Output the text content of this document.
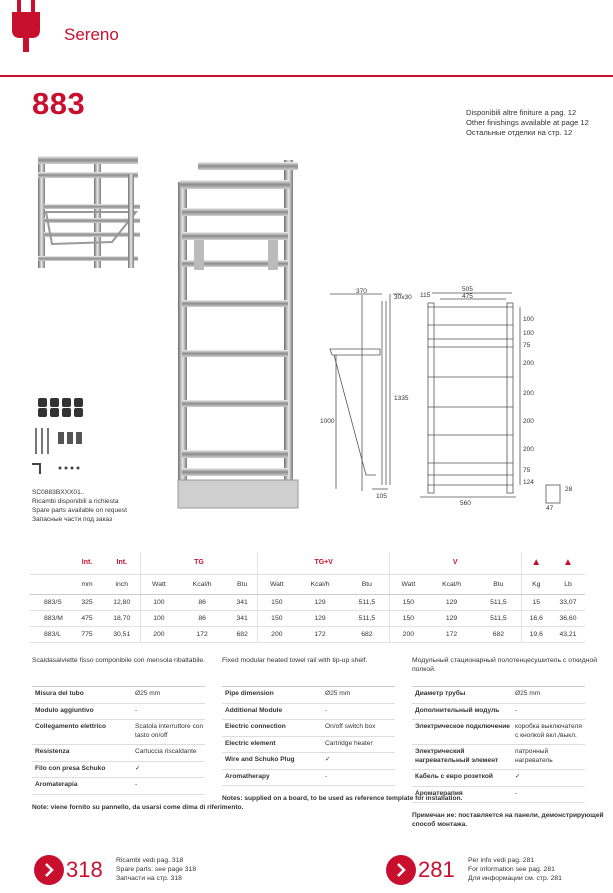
Sereno
883	Disponibili altre finiture a pag. 12
Other finishings available at page 12
Остальные отделки на стр. 12
SC0883BXXX01..
Ricambi disponibili a richiesta
Spare parts available on request
Запасные части под заказ
370
30x30 115
1335
1000
105
505
475
100
100
75
200
200
200
200
75
124
560
28
47
	Int.	Int.	TG			TG+V			V			▲	▲
	mm	inch	Watt	Kcal/h	Btu	Watt	Kcal/h	Btu	Watt	Kcal/h	Btu	Kg	Lb
883/S	325	12,80	100	86	341	150	129	511,5	150	129	511,5	15	33,07
883/M	475	18,70	100	86	341	150	129	511,5	150	129	511,5	16,6	36,60
883/L	775	30,51	200	172	682	200	172	682	200	172	682	19,6	43,21
Scaldasalviette fisso componibile con mensola ribaltabile.
Misura del tubo	Ø25 mm
Modulo aggiuntivo	-
Collegamento elettrico	Scatola interruttore con tasto on/off
Resistenza	Cartuccia riscaldante
Filo con presa Schuko	✓
Aromaterapia	-
Note: viene fornito su pannello, da usarsi come dima di riferimento.
Fixed modular heated towel rail with tip-up shelf.
Pipe dimension	Ø25 mm
Additional Module	-
Electric connection	On/off switch box
Electric element	Cartridge heater
Wire and Schuko Plug	✓
Aromatherapy	-
Notes: supplied on a board, to be used as reference template for installation.
Модульный стационарный полотенцесушитель с откидной полкой.
Диаметр трубы	Ø25 mm
Дополнительный модуль	-
Электрическое подключение	коробка выключателя с кнопкой вкл./выкл.
Электрический нагревательный элемент	патронный нагреватель
Кабель с евро розеткой	✓
Аромaтерапия	-
Примечан ие: поставляется на панели, демонстрирующей способ монтажа.
318 Ricambi vedi pag. 318
Spare parts: see page 318
Запчасти на стр. 318	281 Per info vedi pag. 281
For information see pag. 281
Для информации см. стр. 281
